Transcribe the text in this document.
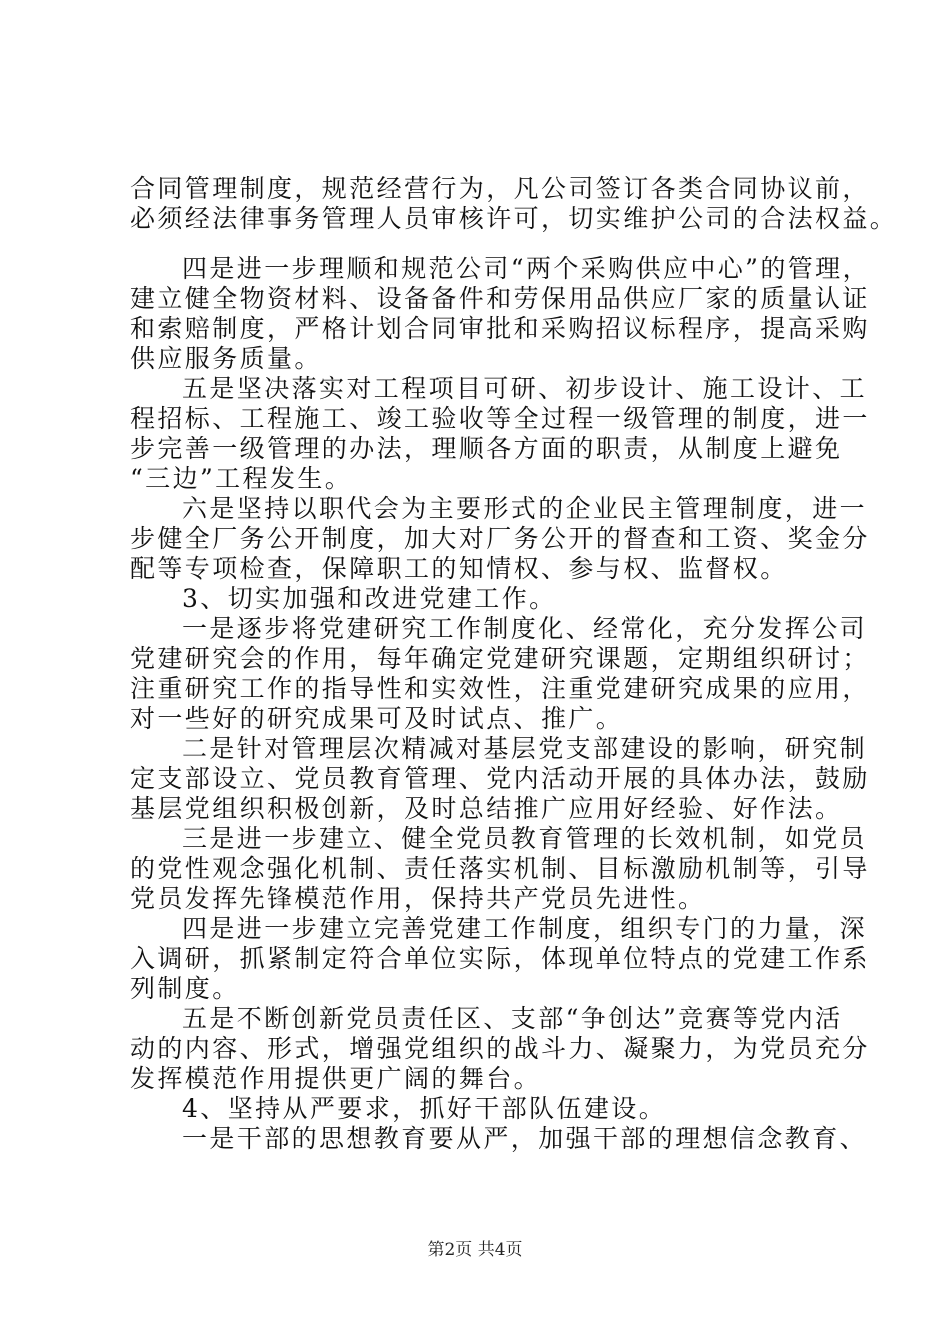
合同管理制度，规范经营行为，凡公司签订各类合同协议前，
必须经法律事务管理人员审核许可，切实维护公司的合法权益。
四是进一步理顺和规范公司“两个采购供应中心”的管理，
建立健全物资材料、设备备件和劳保用品供应厂家的质量认证
和索赔制度，严格计划合同审批和采购招议标程序，提高采购
供应服务质量。
五是坚决落实对工程项目可研、初步设计、施工设计、工
程招标、工程施工、竣工验收等全过程一级管理的制度，进一
步完善一级管理的办法，理顺各方面的职责，从制度上避免
“三边”工程发生。
六是坚持以职代会为主要形式的企业民主管理制度，进一
步健全厂务公开制度，加大对厂务公开的督查和工资、奖金分
配等专项检查，保障职工的知情权、参与权、监督权。
3、切实加强和改进党建工作。
一是逐步将党建研究工作制度化、经常化，充分发挥公司
党建研究会的作用，每年确定党建研究课题，定期组织研讨；
注重研究工作的指导性和实效性，注重党建研究成果的应用，
对一些好的研究成果可及时试点、推广。
二是针对管理层次精减对基层党支部建设的影响，研究制
定支部设立、党员教育管理、党内活动开展的具体办法，鼓励
基层党组织积极创新，及时总结推广应用好经验、好作法。
三是进一步建立、健全党员教育管理的长效机制，如党员
的党性观念强化机制、责任落实机制、目标激励机制等，引导
党员发挥先锋模范作用，保持共产党员先进性。
四是进一步建立完善党建工作制度，组织专门的力量，深
入调研，抓紧制定符合单位实际，体现单位特点的党建工作系
列制度。
五是不断创新党员责任区、支部“争创达”竞赛等党内活
动的内容、形式，增强党组织的战斗力、凝聚力，为党员充分
发挥模范作用提供更广阔的舞台。
4、坚持从严要求，抓好干部队伍建设。
一是干部的思想教育要从严，加强干部的理想信念教育、
第2页 共4页
